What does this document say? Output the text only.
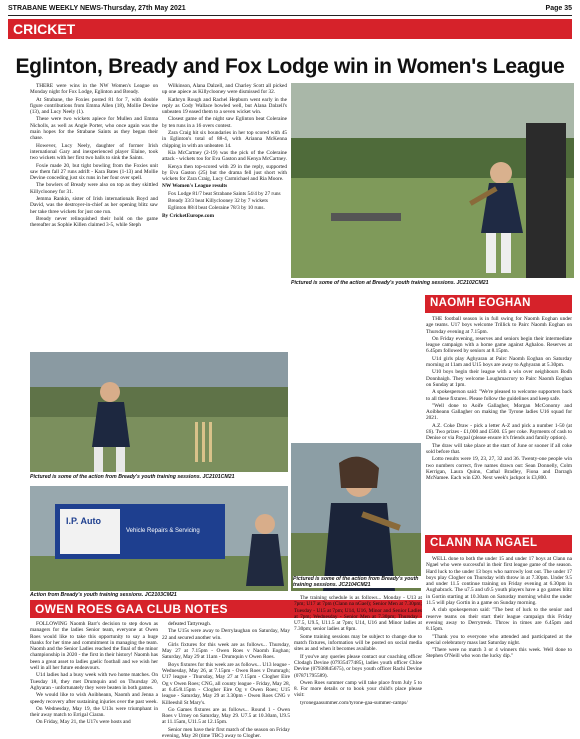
STRABANE WEEKLY NEWS-Thursday, 27th May 2021	Page 35
CRICKET
Eglinton, Bready and Fox Lodge win in Women's League

THERE were wins in the NW Women's League on Monday night for Fox Lodge, Eglinton and Bready.

At Strabane, the Foxies posted 81 for 7, with double figure contributions from Emma Allen (18), Mollie Devine (13), and Lucy Neely (1).

These were two wickets apiece for Mullen and Emma Nicholls, as well as Angie Porter, who once again was the main hopes for the Strabane Saints as they began their chase.

However, Lucy Neely, daughter of former Irish international Gary and inexperienced player Elaine, took two wickets with her first two balls to sink the Saints.

Foxie made 20, but tight bowling from the Foxies unit saw them fall 27 runs adrift - Kara Bates (1-13) and Mollie Devine conceding just six runs in her four over spell.

The bowlers of Bready were also on top as they skittled Killyclooney for 31.

Jemma Rankin, sister of Irish internationals Boyd and David, was the destroyer-in-chief as her opening blitz saw her take three wickets for just one run.

Bready never relinquished their hold on the game thereafter as Sophie Killen claimed 3-5, while Steph

Wilkinson, Alana Dalzell, and Charley Scott all picked up one apiece as Killyclooney were dismissed for 32.

Kathryn Rough and Rachel Hepburn went early in the reply as Cody Wallace bowled well, but Alana Dalzell's unbeaten 19 eased them to a seven wicket win.

Closest game of the night saw Eglinton beat Coleraine by ten runs in a 16 overs contest.

Zara Craig hit six boundaries in her top scored with 45 in Eglinton's total of 88-4, with Arianna McKenna chipping in with an unbeaten 14.

Kia McCartney (2-19) was the pick of the Coleraine attack - wickets too for Eva Gaston and Kenya McCartney.

Kenya then top-scored with 29 in the reply, supported by Eva Gaston (25) but the drama fell just short with wickets for Zara Craig, Lucy Carmichael and Ria Moore.

NW Women's League results

Fox Lodge 81/7 beat Strabane Saints 54/4 by 27 runs

Bready 33/3 beat Killyclooney 32 by 7 wickets

Eglinton 88/4 beat Coleraine 78/3 by 10 runs.

By CricketEurope.com

Pictured is some of the action at Bready's youth training sessions. JC2102CM21
Pictured is some of the action from Bready's youth training sessions. JC2101CM21
I.P. Auto
Vehicle Repairs & Servicing
Action from Bready's youth training sessions. JC2103CM21
Pictured is some of the action from Bready's youth training sessions. JC2104CM21
NAOMH EOGHAN

THE football season is in full swing for Naomh Eoghan under age teams. U17 boys welcome Trillick to Pairc Naomh Eoghan on Thursday evening at 7.15pm.

On Friday evening, reserves and seniors begin their intermediate league campaign with a home game against Aghaloo. Reserves at 6.45pm followed by seniors at 8.15pm.

U14 girls play Aghyaran at Pairc Naomh Eoghan on Saturday morning at 11am and U15 boys are away to Aghyaran at 5.30pm.

U10 boys begin their league with a win over neighbours Bodh Donnbaigh. They welcome Loughmacrory to Pairc Naomh Eoghan on Sunday at 1pm.

A spokesperson said: "We're pleased to welcome supporters back to all these fixtures. Please follow the guidelines and keep safe.

"Well done to Aoife Gallagher, Morgan McConomy and Aoibheann Gallagher on making the Tyrone ladies U16 squad for 2021.

A.Z. Coke Draw - pick a letter A-Z and pick a number 1-50 (at £6). Two prizes - £1,000 and £500. £5 per coke. Payments of cash to Denise or via Paypal (please ensure it's friends and family option).

The draw will take place at the start of June or sooner if all coke sold before that.

Lotto results were 19, 23, 27, 32 and 36. Twenty-one people win two numbers correct, five names drawn out: Sean Donnelly, Colm Kerrigan, Laura Quinn, Cathal Bradley, Fiona and Darragh McNamee. Each win £20. Next week's jackpot is £3,800.

CLANN NA NGAEL

WELL done to both the under 15 and under 17 boys at Clann na Ngael who were successful in their first league game of the season. Hard luck to the under 13 boys who narrowly lost out. The under 17 boys play Clogher on Thursday with throw in at 7.30pm. Under 9.5 and under 11.5 continue training on Friday evening at 6.30pm in Aughabrack. The u7.5 and u9.5 youth players have a go games blitz in Gortin starting at 10.30am on Saturday morning whilst the under 11.5 will play Gortin in a game on Sunday morning.

A club spokesperson said: "The best of luck to the senior and reserve teams on their start their league campaign this Friday evening away to Derrytresk. Throw in times are 6.45pm and 8.15pm.

"Thank you to everyone who attended and participated at the special celebratory mass last Saturday night.

"There were no match 3 or 4 winners this week. Well done to Stephen O'Neill who won the lucky dip."

OWEN ROES GAA CLUB NOTES

FOLLOWING Naomh Barr's decision to step down as managers for the ladies Senior team, everyone at Owen Roes would like to take this opportunity to say a huge thanks for her time and commitment in managing the team. Naomh and the Senior Ladies reached the final of the minor championship in 2020 - the first in their history! Naomh has been a great asset to ladies gaelic football and we wish her well in all her future endeavours.

U14 ladies had a busy week with two home matches. On Tuesday 18, they met Drumquin and on Thursday 20, Aghyaran - unfortunately they were beaten in both games.

We would like to wish Aoibheann, Naomh and Jenna a speedy recovery after sustaining injuries over the past week.

On Wednesday, May 19, the U13s were triumphant in their away match to Errigal Ciaran.

On Friday, May 21, the U17s were hosts and

defeated Tattyreagh.

The U15s were away to Derrylaughan on Saturday, May 22 and secured another win.

Girls fixtures for this week are as follows... Thursday, May 27 at 7.15pm - Owen Roes v Naomh Eoghan; Saturday, May 29 at 11am - Drumquin v Owen Roes.

Boys fixtures for this week are as follows... U13 league - Wednesday, May 26, at 7.15pm - Owen Roes v Drumragh; U17 league - Thursday, May 27 at 7.15pm - Clogher Eire Og v Owen Roes; CNG, all county league - Friday, May 28, at 6.45/8.15pm - Clogher Eire Og v Owen Roes; U15 league - Saturday, May 29 at 3.30pm - Owen Roes CNG v Killeeshil St Mary's.

Go Games fixtures are as follows... Round 1 - Owen Roes v Urney on Saturday, May 29. U7.5 at 10.30am, U9.5 at 11.15am, U11.5 at 12.15pm.

Senior men have their first match of the season on Friday evening, May 28 (time TBC) away to Clogher.

The training schedule is as follows... Monday - U13 at 7pm; U17 at 7pm (Clann na nGael); Senior Men at 7.30pm; Tuesday - U15 at 7pm; U14, U16, Minor and Senior Ladies at 7pm; Wednesday - Senior Men at 7.30pm; Thursday - U7.5, U9.5, U11.5 at 7pm; U14, U16 and Minor ladies at 7.30pm; senior ladies at 8pm.

Some training sessions may be subject to change due to match fixtures, information will be posted on social media sites as and when it becomes available.

If you've any queries please contact our coaching officer Clodagh Devine (07935477485), ladies youth officer Chloe Devine (07938845675), or boys youth officer Rachi Devine (07871795589).

Owen Roes summer camp will take place from July 5 to 8. For more details or to book your child's place please visit:

tyronegaasummer.com/tyrone-gaa-summer-camps/
